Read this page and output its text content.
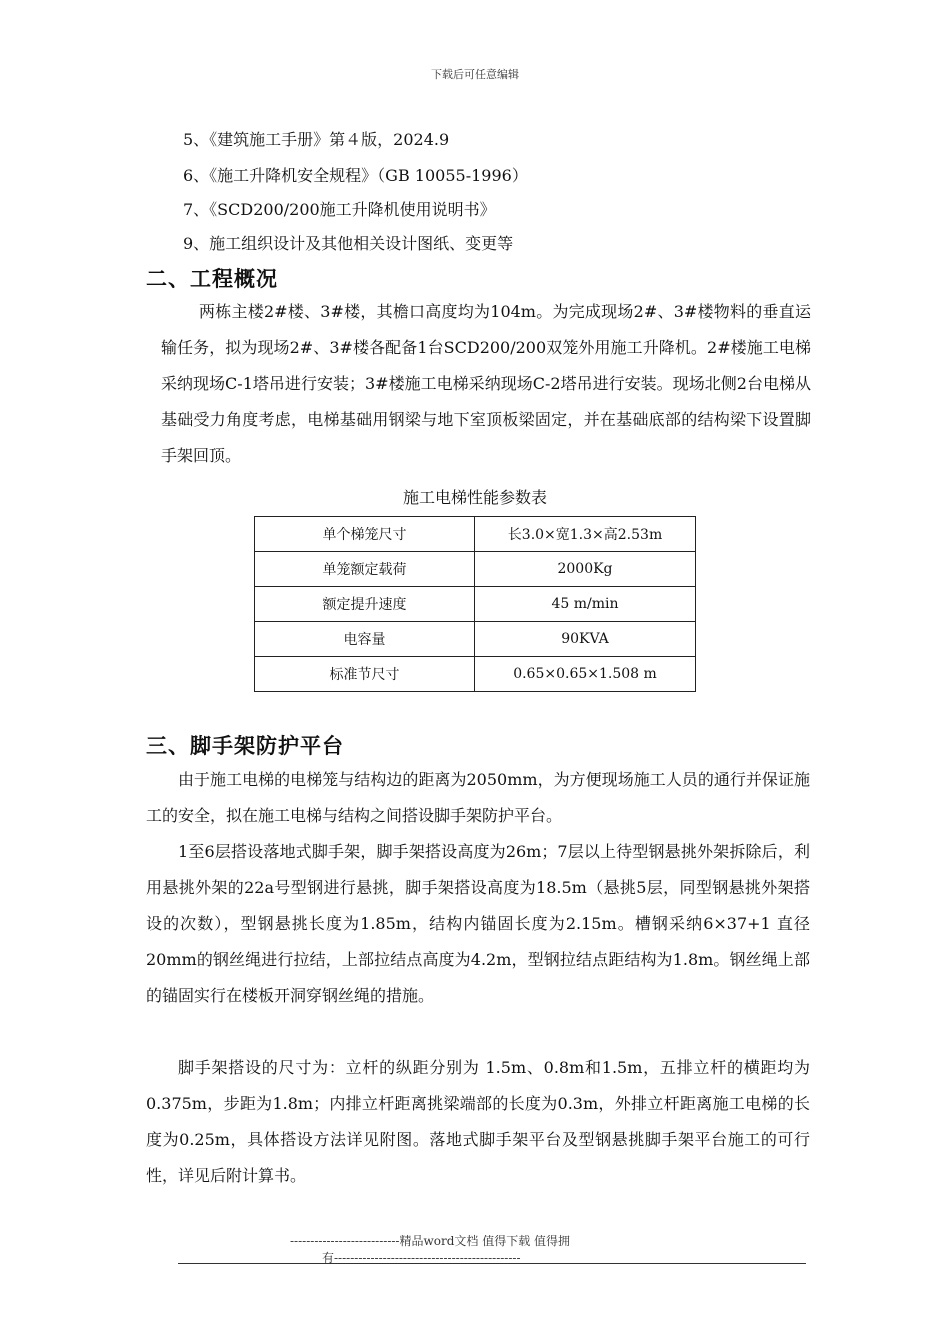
下载后可任意编辑
5、《建筑施工手册》第４版，2024.9
6、《施工升降机安全规程》（GB 10055-1996）
7、《SCD200/200施工升降机使用说明书》
9、施工组织设计及其他相关设计图纸、变更等
二、工程概况
两栋主楼2#楼、3#楼，其檐口高度均为104m。为完成现场2#、3#楼物料的垂直运输任务，拟为现场2#、3#楼各配备1台SCD200/200双笼外用施工升降机。2#楼施工电梯采纳现场C-1塔吊进行安装；3#楼施工电梯采纳现场C-2塔吊进行安装。现场北侧2台电梯从基础受力角度考虑，电梯基础用钢梁与地下室顶板梁固定，并在基础底部的结构梁下设置脚手架回顶。
施工电梯性能参数表
单个梯笼尺寸	长3.0×宽1.3×高2.53m
单笼额定载荷	2000Kg
额定提升速度	45 m/min
电容量	90KVA
标准节尺寸	0.65×0.65×1.508 m
三、脚手架防护平台
由于施工电梯的电梯笼与结构边的距离为2050mm，为方便现场施工人员的通行并保证施工的安全，拟在施工电梯与结构之间搭设脚手架防护平台。
1至6层搭设落地式脚手架，脚手架搭设高度为26m；7层以上待型钢悬挑外架拆除后，利用悬挑外架的22a号型钢进行悬挑，脚手架搭设高度为18.5m（悬挑5层，同型钢悬挑外架搭设的次数），型钢悬挑长度为1.85m，结构内锚固长度为2.15m。槽钢采纳6×37+1 直径20mm的钢丝绳进行拉结，上部拉结点高度为4.2m，型钢拉结点距结构为1.8m。钢丝绳上部的锚固实行在楼板开洞穿钢丝绳的措施。
脚手架搭设的尺寸为：立杆的纵距分别为 1.5m、0.8m和1.5m，五排立杆的横距均为0.375m，步距为1.8m；内排立杆距离挑梁端部的长度为0.3m，外排立杆距离施工电梯的长度为0.25m，具体搭设方法详见附图。落地式脚手架平台及型钢悬挑脚手架平台施工的可行性，详见后附计算书。
---------------------------精品word文档 值得下载 值得拥
有----------------------------------------------
